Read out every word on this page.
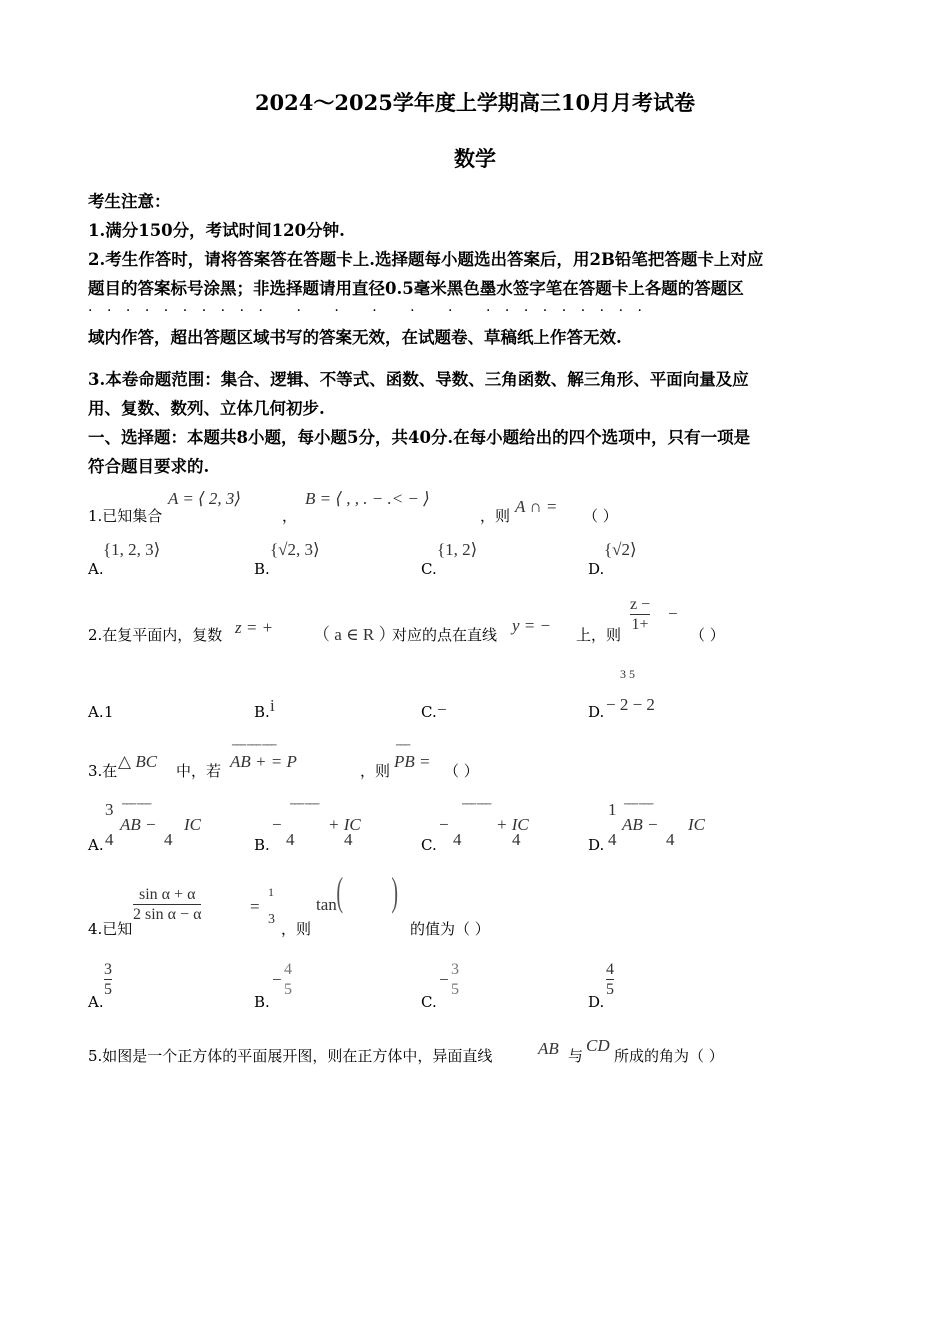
2024～2025学年度上学期高三10月月考试卷
数学
考生注意：
1.满分150分，考试时间120分钟.
2.考生作答时，请将答案答在答题卡上.选择题每小题选出答案后，用2B铅笔把答题卡上对应
题目的答案标号涂黑；非选择题请用直径0.5毫米黑色墨水签字笔在答题卡上各题的答题区
·········· · · · · · ·········
域内作答，超出答题区域书写的答案无效，在试题卷、草稿纸上作答无效.
3.本卷命题范围：集合、逻辑、不等式、函数、导数、三角函数、解三角形、平面向量及应
用、复数、数列、立体几何初步.
一、选择题：本题共8小题，每小题5分，共40分.在每小题给出的四个选项中，只有一项是
符合题目要求的.
1.已知集合
A = ⟨ 2, 3⟩
，
B = ⟨ , , . − .< − ⟩
，则 A ∩ = （ ）
A.
{1, 2, 3⟩
B.
{√2, 3⟩
C.
{1, 2⟩
D.
{√2⟩
2.在复平面内，复数 z = + （ a ∈ R ）
对应的点在直线 y = − 上，则
z −
1+
−
（ ）
A. 1	B. i	C. −	D.
3 5
− 2 − 2
3.在 △ BC 中，若
─── ─── ───
AB + = P	，则
───
PB = （ ）
A.
3
4
─── ───
AB −
4
IC
B.
─── ───
−
4
+ IC
4	C.
─── ───
−
4
+ IC
4	D.
1
4
─── ───
AB −
4
IC
4.已知
sin α + α
2 sin α − α	=
1
3
，则
tan ( )
的值为（ ）
A.
3
5
B.
−
4
5
C.
−
3
5
D.
4
5
5.如图是一个正方体的平面展开图，则在正方体中，异面直线	AB 与
CD
所成的角为（ ）
